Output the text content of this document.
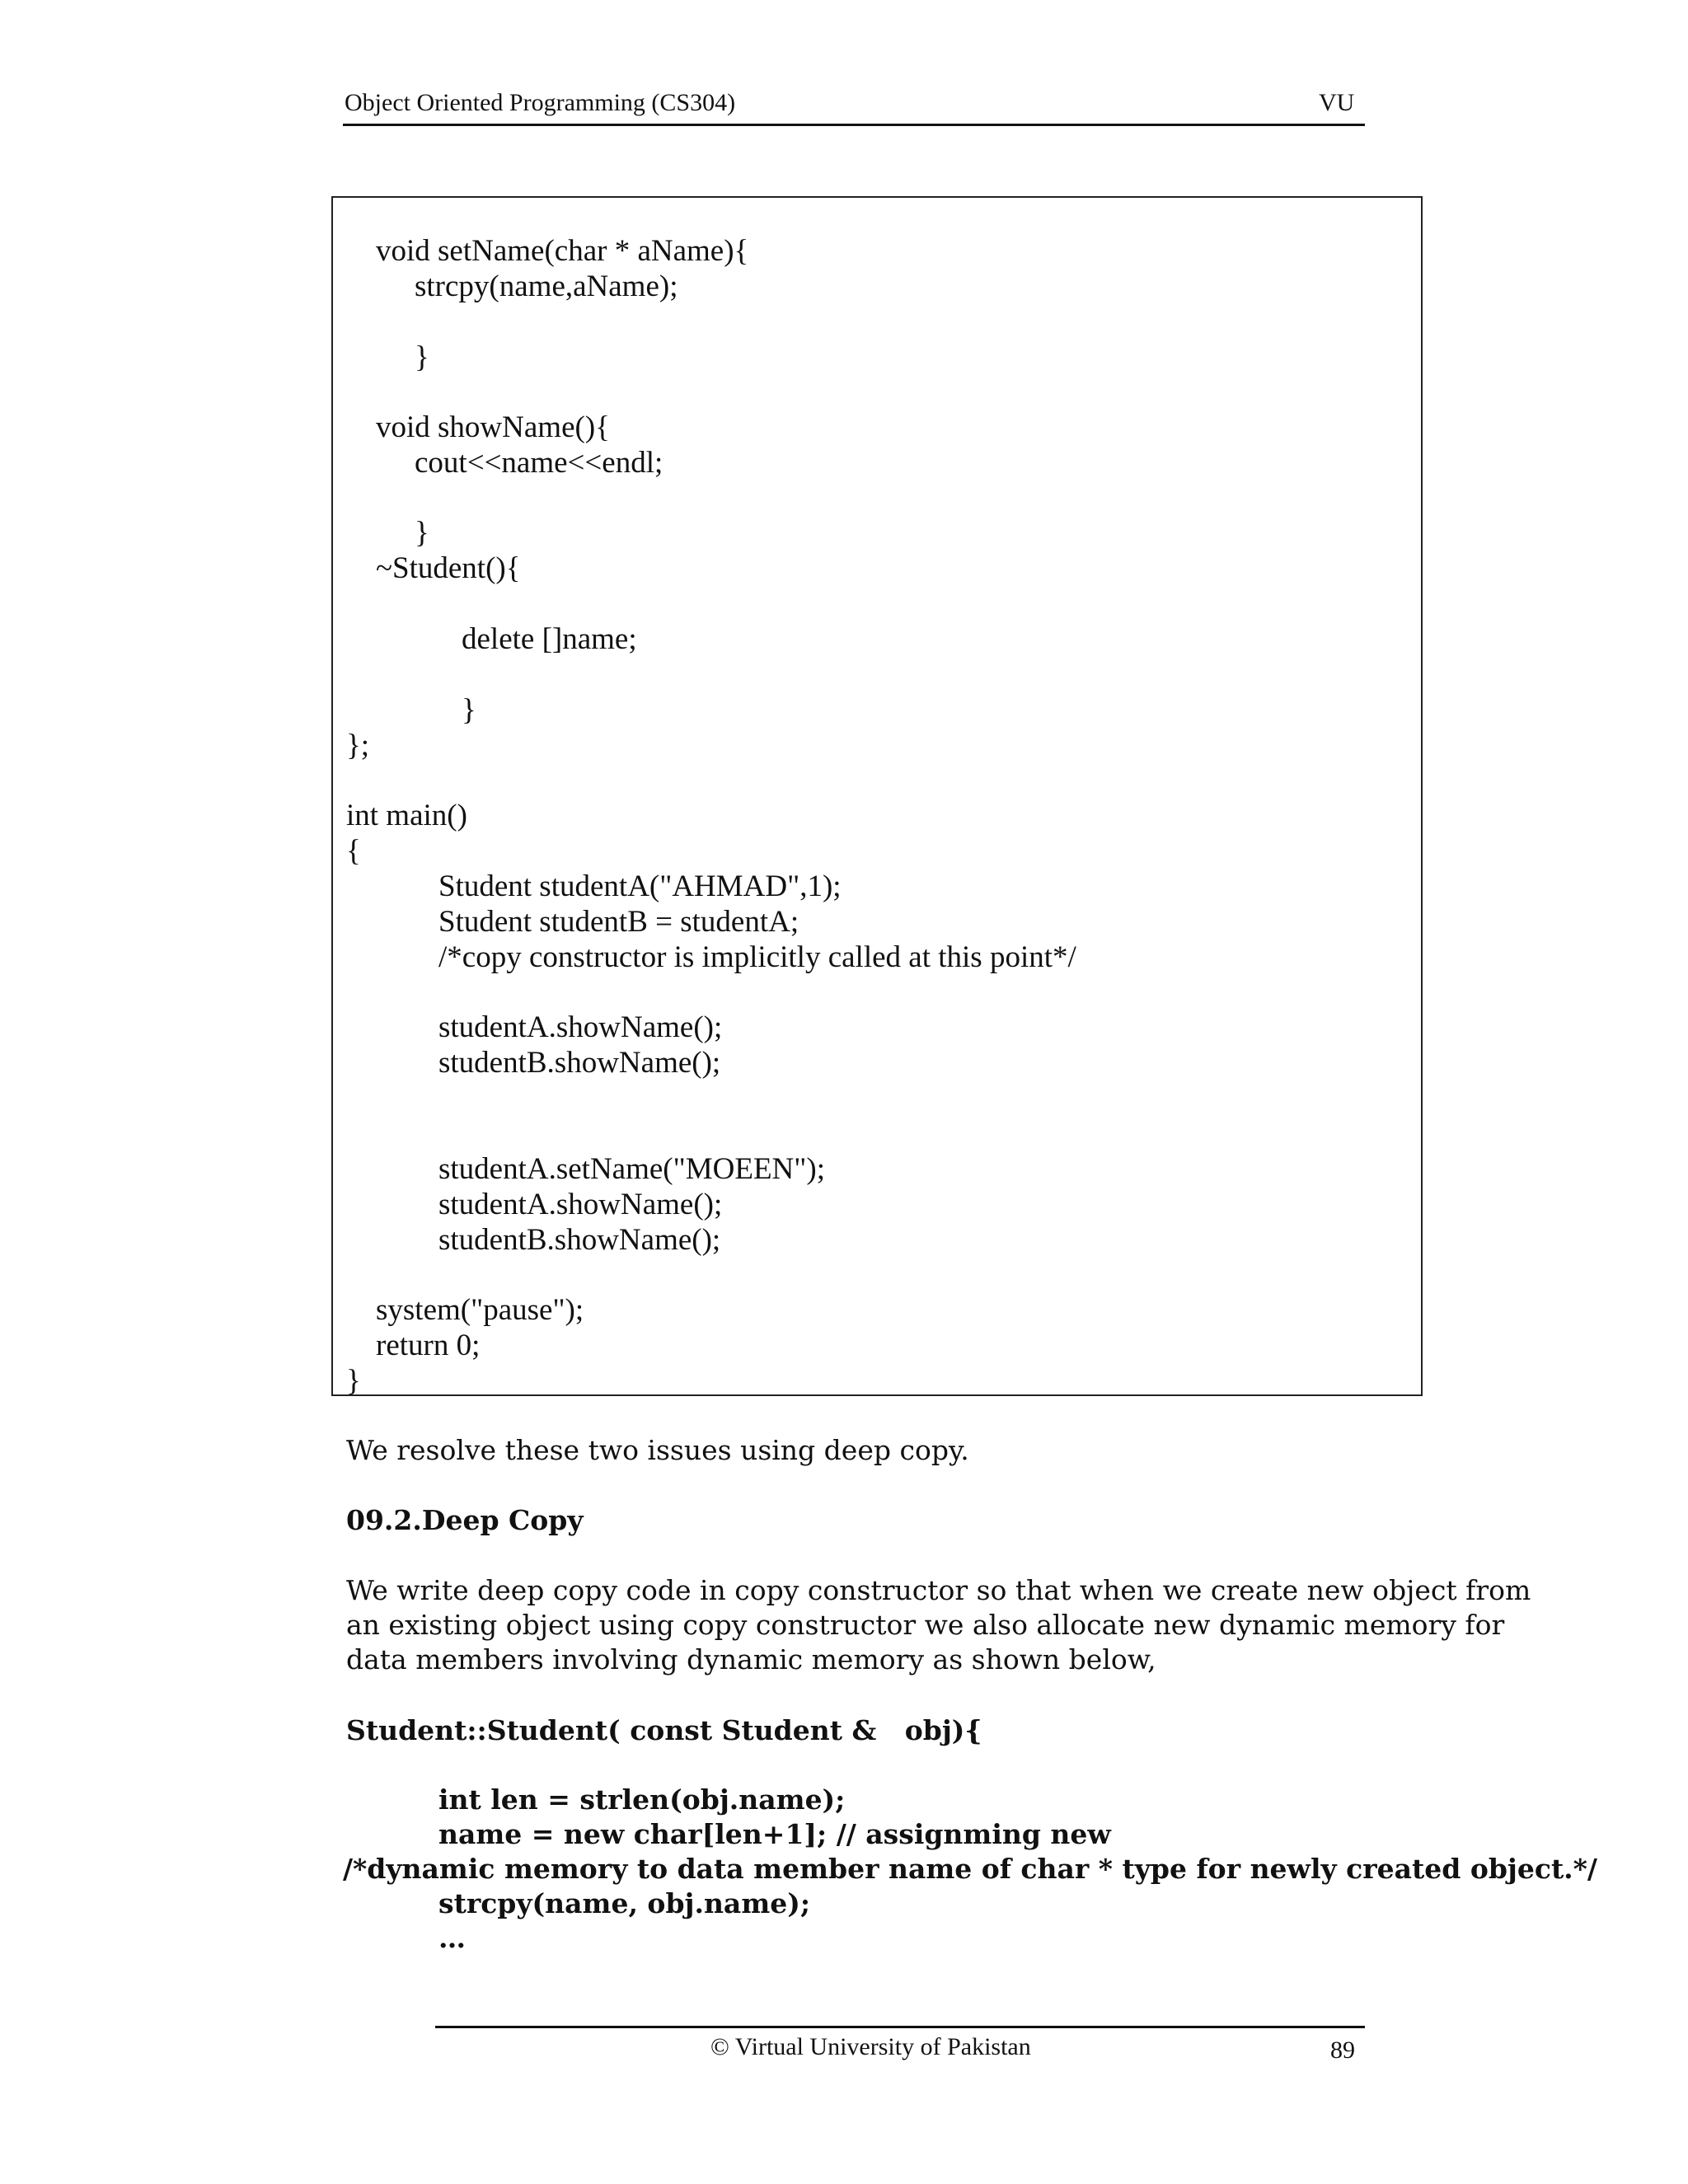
Object Oriented Programming (CS304)	VU
void setName(char * aName){
strcpy(name,aName);
}
void showName(){
cout<<name<<endl;
}
~Student(){
delete []name;
}
};
int main()
{
Student studentA("AHMAD",1);
Student studentB = studentA;
/*copy constructor is implicitly called at this point*/
studentA.showName();
studentB.showName();
studentA.setName("MOEEN");
studentA.showName();
studentB.showName();
system("pause");
return 0;
}
We resolve these two issues using deep copy.
09.2.Deep Copy
We write deep copy code in copy constructor so that when we create new object from
an existing object using copy constructor we also allocate new dynamic memory for
data members involving dynamic memory as shown below,
Student::Student( const Student &   obj){
int len = strlen(obj.name);
name = new char[len+1]; // assignming new
/*dynamic memory to data member name of char * type for newly created object.*/
strcpy(name, obj.name);
…
© Virtual University of Pakistan	89
